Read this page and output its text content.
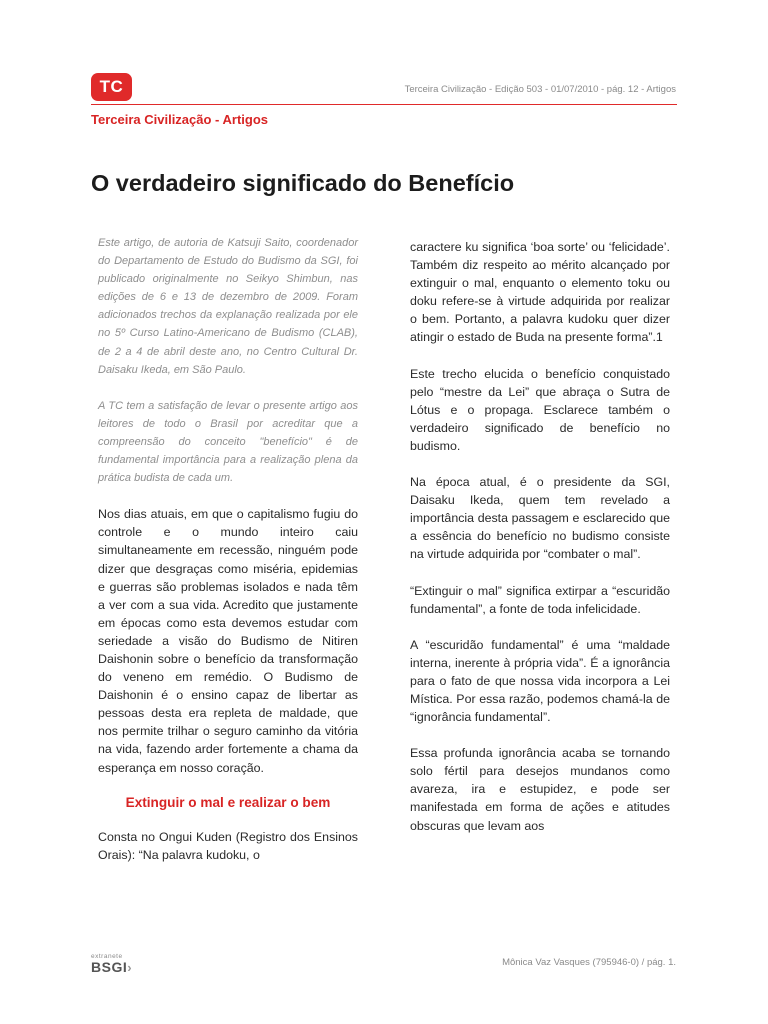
TC	Terceira Civilização - Edição 503 - 01/07/2010 - pág. 12 - Artigos
Terceira Civilização - Artigos
O verdadeiro significado do Benefício

Este artigo, de autoria de Katsuji Saito, coordenador do Departamento de Estudo do Budismo da SGI, foi publicado originalmente no Seikyo Shimbun, nas edições de 6 e 13 de dezembro de 2009. Foram adicionados trechos da explanação realizada por ele no 5º Curso Latino-Americano de Budismo (CLAB), de 2 a 4 de abril deste ano, no Centro Cultural Dr. Daisaku Ikeda, em São Paulo.

A TC tem a satisfação de levar o presente artigo aos leitores de todo o Brasil por acreditar que a compreensão do conceito "benefício" é de fundamental importância para a realização plena da prática budista de cada um.

Nos dias atuais, em que o capitalismo fugiu do controle e o mundo inteiro caiu simultaneamente em recessão, ninguém pode dizer que desgraças como miséria, epidemias e guerras são problemas isolados e nada têm a ver com a sua vida. Acredito que justamente em épocas como esta devemos estudar com seriedade a visão do Budismo de Nitiren Daishonin sobre o benefício da transformação do veneno em remédio. O Budismo de Daishonin é o ensino capaz de libertar as pessoas desta era repleta de maldade, que nos permite trilhar o seguro caminho da vitória na vida, fazendo arder fortemente a chama da esperança em nosso coração.

Extinguir o mal e realizar o bem

Consta no Ongui Kuden (Registro dos Ensinos Orais): “Na palavra kudoku, o

caractere ku significa ‘boa sorte’ ou ‘felicidade’. Também diz respeito ao mérito alcançado por extinguir o mal, enquanto o elemento toku ou doku refere-se à virtude adquirida por realizar o bem. Portanto, a palavra kudoku quer dizer atingir o estado de Buda na presente forma”.1

Este trecho elucida o benefício conquistado pelo “mestre da Lei” que abraça o Sutra de Lótus e o propaga. Esclarece também o verdadeiro significado de benefício no budismo.

Na época atual, é o presidente da SGI, Daisaku Ikeda, quem tem revelado a importância desta passagem e esclarecido que a essência do benefício no budismo consiste na virtude adquirida por “combater o mal”.

“Extinguir o mal” significa extirpar a “escuridão fundamental”, a fonte de toda infelicidade.

A “escuridão fundamental” é uma “maldade interna, inerente à própria vida”. É a ignorância para o fato de que nossa vida incorpora a Lei Mística. Por essa razão, podemos chamá-la de “ignorância fundamental”.

Essa profunda ignorância acaba se tornando solo fértil para desejos mundanos como avareza, ira e estupidez, e pode ser manifestada em forma de ações e atitudes obscuras que levam aos

extranete
BSGI›	Mônica Vaz Vasques (795946-0) / pág. 1.
